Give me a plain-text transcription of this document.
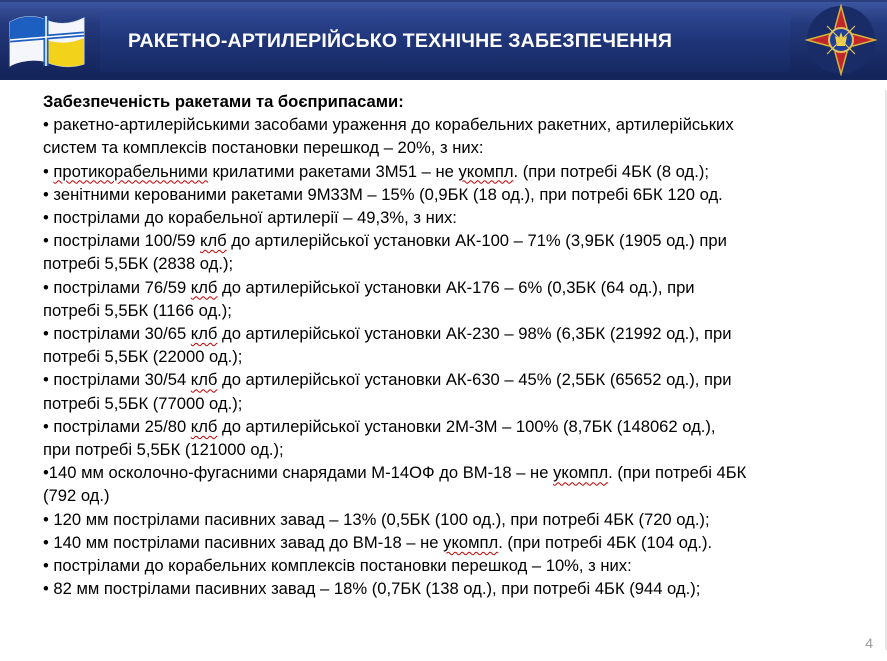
РАКЕТНО-АРТИЛЕРІЙСЬКО ТЕХНІЧНЕ ЗАБЕЗПЕЧЕННЯ
Забезпеченість ракетами та боєприпасами:
• ракетно-артилерійськими засобами ураження до корабельних ракетних, артилерійських
систем та комплексів постановки перешкод – 20%, з них:
• протикорабельними крилатими ракетами 3М51 – не укомпл. (при потребі 4БК (8 од.);
• зенітними керованими ракетами 9М33М – 15% (0,9БК (18 од.), при потребі 6БК 120 од.
• пострілами до корабельної артилерії – 49,3%, з них:
• пострілами 100/59 клб до артилерійської установки АК-100 – 71% (3,9БК (1905 од.) при
потребі 5,5БК (2838 од.);
• пострілами 76/59 клб до артилерійської установки АК-176 – 6% (0,3БК (64 од.), при
потребі 5,5БК (1166 од.);
• пострілами 30/65 клб до артилерійської установки АК-230 – 98% (6,3БК (21992 од.), при
потребі 5,5БК (22000 од.);
• пострілами 30/54 клб до артилерійської установки АК-630 – 45% (2,5БК (65652 од.), при
потребі 5,5БК (77000 од.);
• пострілами 25/80 клб до артилерійської установки 2М-3М – 100% (8,7БК (148062 од.),
при потребі 5,5БК (121000 од.);
•140 мм осколочно-фугасними снарядами М-14ОФ до ВМ-18 – не укомпл. (при потребі 4БК
(792 од.)
• 120 мм пострілами пасивних завад – 13% (0,5БК (100 од.), при потребі 4БК (720 од.);
• 140 мм пострілами пасивних завад до ВМ-18 – не укомпл. (при потребі 4БК (104 од.).
• пострілами до корабельних комплексів постановки перешкод – 10%, з них:
• 82 мм пострілами пасивних завад – 18% (0,7БК (138 од.), при потребі 4БК (944 од.);
4
